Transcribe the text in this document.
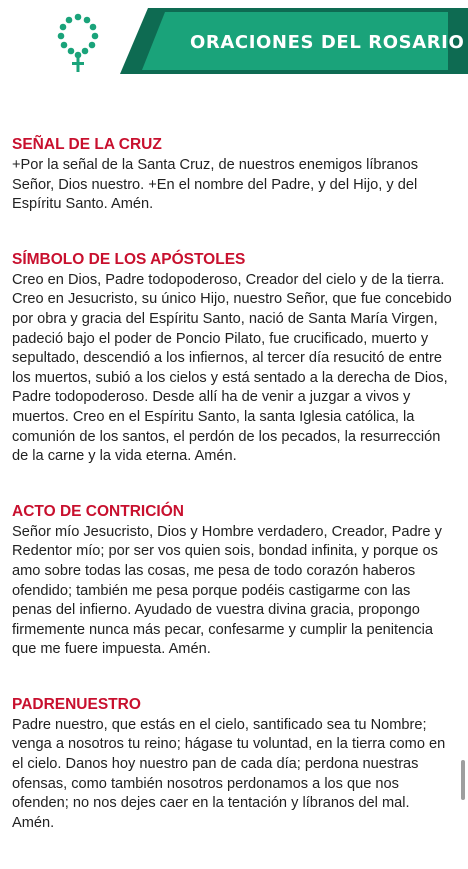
ORACIONES DEL ROSARIO
SEÑAL DE LA CRUZ

+Por la señal de la Santa Cruz, de nuestros enemigos líbranos Señor, Dios nuestro. +En el nombre del Padre, y del Hijo, y del Espíritu Santo. Amén.

SÍMBOLO DE LOS APÓSTOLES

Creo en Dios, Padre todopoderoso, Creador del cielo y de la tierra. Creo en Jesucristo, su único Hijo, nuestro Señor, que fue concebido por obra y gracia del Espíritu Santo, nació de Santa María Virgen, padeció bajo el poder de Poncio Pilato, fue crucificado, muerto y sepultado, descendió a los infiernos, al tercer día resucitó de entre los muertos, subió a los cielos y está sentado a la derecha de Dios, Padre todopoderoso. Desde allí ha de venir a juzgar a vivos y muertos. Creo en el Espíritu Santo, la santa Iglesia católica, la comunión de los santos, el perdón de los pecados, la resurrección de la carne y la vida eterna. Amén.

ACTO DE CONTRICIÓN

Señor mío Jesucristo, Dios y Hombre verdadero, Creador, Padre y Redentor mío; por ser vos quien sois, bondad infinita, y porque os amo sobre todas las cosas, me pesa de todo corazón haberos ofendido; también me pesa porque podéis castigarme con las penas del infierno. Ayudado de vuestra divina gracia, propongo firmemente nunca más pecar, confesarme y cumplir la penitencia que me fuere impuesta. Amén.

PADRENUESTRO

Padre nuestro, que estás en el cielo, santificado sea tu Nombre; venga a nosotros tu reino; hágase tu voluntad, en la tierra como en el cielo. Danos hoy nuestro pan de cada día; perdona nuestras ofensas, como también nosotros perdonamos a los que nos ofenden; no nos dejes caer en la tentación y líbranos del mal. Amén.
